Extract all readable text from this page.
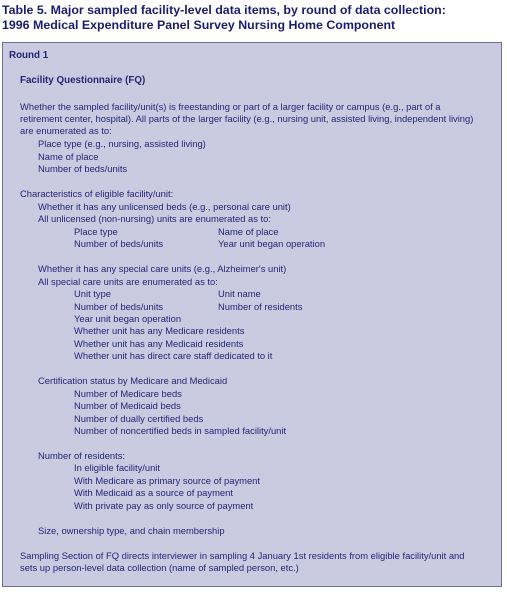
Table 5. Major sampled facility-level data items, by round of data collection:
1996 Medical Expenditure Panel Survey Nursing Home Component

Round 1

Facility Questionnaire (FQ)

Whether the sampled facility/unit(s) is freestanding or part of a larger facility or campus (e.g., part of a

retirement center, hospital). All parts of the larger facility (e.g., nursing unit, assisted living, independent living)

are enumerated as to:

Place type (e.g., nursing, assisted living)

Name of place

Number of beds/units

Characteristics of eligible facility/unit:

Whether it has any unlicensed beds (e.g., personal care unit)

All unlicensed (non-nursing) units are enumerated as to:

Place type	Name of place

Number of beds/units	Year unit began operation

Whether it has any special care units (e.g., Alzheimer's unit)

All special care units are enumerated as to:

Unit type	Unit name

Number of beds/units	Number of residents

Year unit began operation

Whether unit has any Medicare residents

Whether unit has any Medicaid residents

Whether unit has direct care staff dedicated to it

Certification status by Medicare and Medicaid

Number of Medicare beds

Number of Medicaid beds

Number of dually certified beds

Number of noncertified beds in sampled facility/unit

Number of residents:

In eligible facility/unit

With Medicare as primary source of payment

With Medicaid as a source of payment

With private pay as only source of payment

Size, ownership type, and chain membership

Sampling Section of FQ directs interviewer in sampling 4 January 1st residents from eligible facility/unit and

sets up person-level data collection (name of sampled person, etc.)
